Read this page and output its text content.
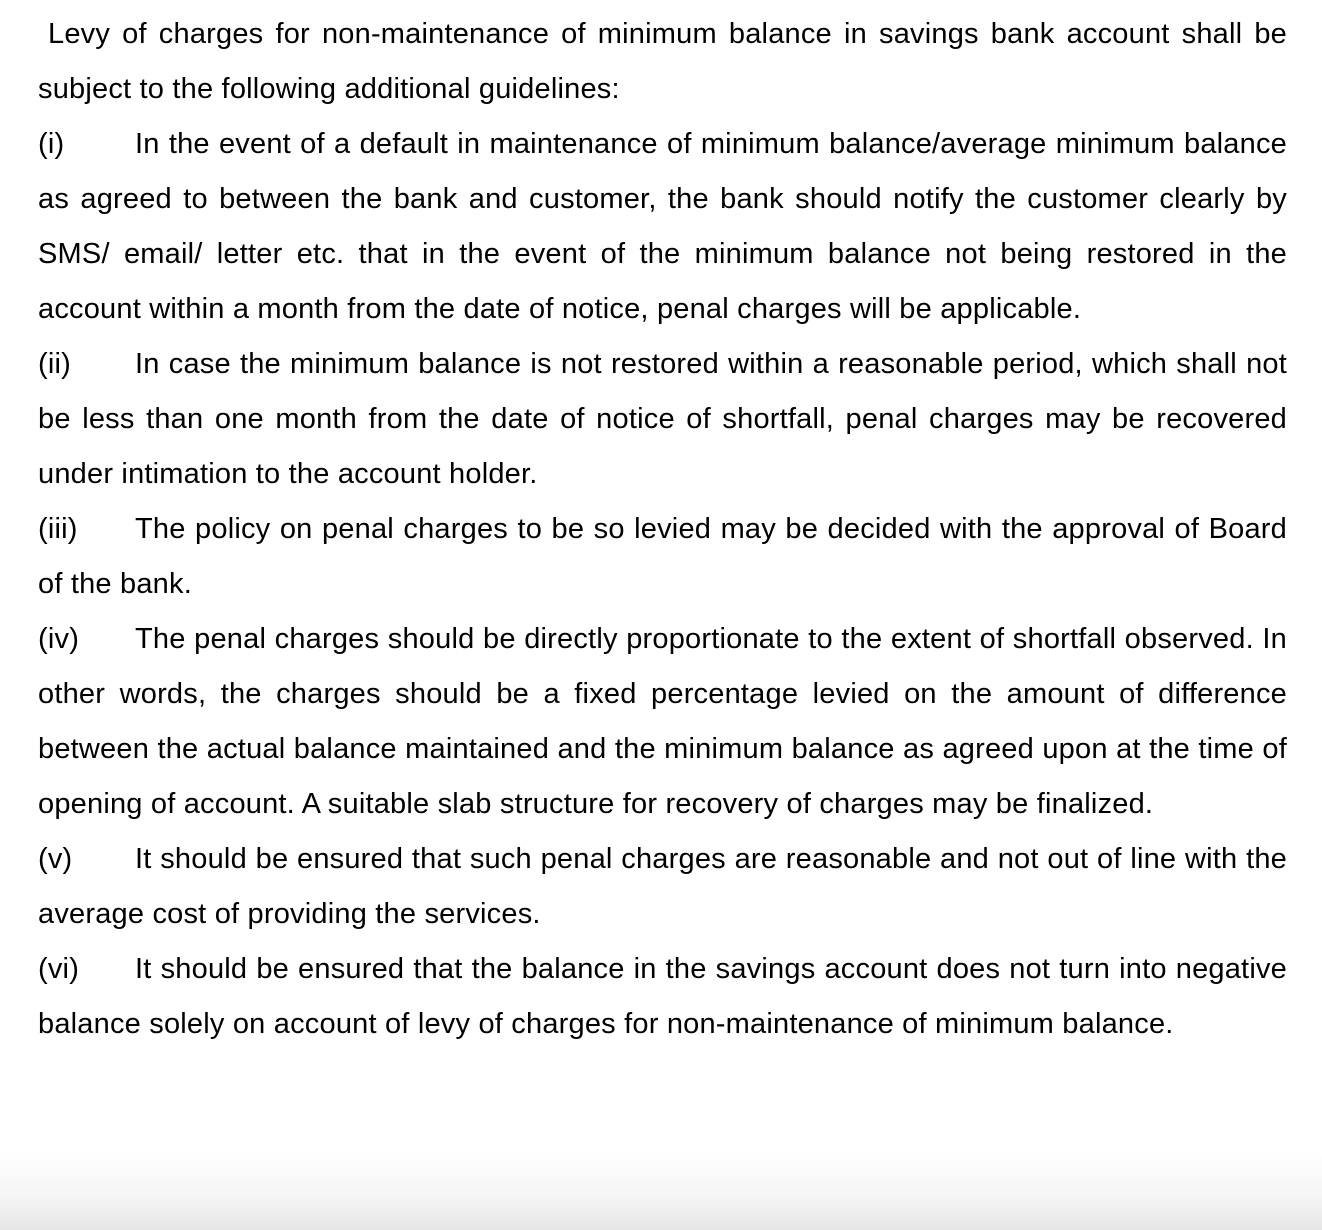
Levy of charges for non-maintenance of minimum balance in savings bank account shall be subject to the following additional guidelines:

(i) In the event of a default in maintenance of minimum balance/average minimum balance as agreed to between the bank and customer, the bank should notify the customer clearly by SMS/ email/ letter etc. that in the event of the minimum balance not being restored in the account within a month from the date of notice, penal charges will be applicable.

(ii) In case the minimum balance is not restored within a reasonable period, which shall not be less than one month from the date of notice of shortfall, penal charges may be recovered under intimation to the account holder.

(iii) The policy on penal charges to be so levied may be decided with the approval of Board of the bank.

(iv) The penal charges should be directly proportionate to the extent of shortfall observed. In other words, the charges should be a fixed percentage levied on the amount of difference between the actual balance maintained and the minimum balance as agreed upon at the time of opening of account. A suitable slab structure for recovery of charges may be finalized.

(v) It should be ensured that such penal charges are reasonable and not out of line with the average cost of providing the services.

(vi) It should be ensured that the balance in the savings account does not turn into negative balance solely on account of levy of charges for non-maintenance of minimum balance.
